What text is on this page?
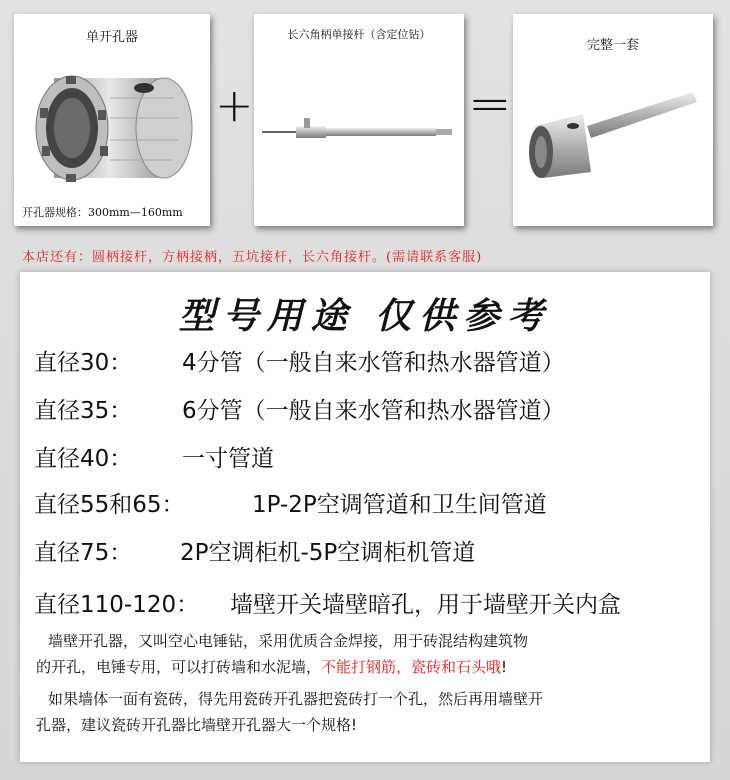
单开孔器
开孔器规格：300mm—160mm
+
长六角柄单接杆（含定位钻）
=
完整一套
本店还有：圆柄接杆，方柄接柄，五坑接杆，长六角接杆。(需请联系客服)
型号用途 仅供参考
直径30： 4分管（一般自来水管和热水器管道）
直径35： 6分管（一般自来水管和热水器管道）
直径40： 一寸管道
直径55和65：	1P-2P空调管道和卫生间管道
直径75： 2P空调柜机-5P空调柜机管道
直径110-120： 墙壁开关墙壁暗孔，用于墙壁开关内盒
墙壁开孔器，又叫空心电锤钻，采用优质合金焊接，用于砖混结构建筑物
的开孔，电锤专用，可以打砖墙和水泥墙，不能打钢筋，瓷砖和石头哦!
如果墙体一面有瓷砖，得先用瓷砖开孔器把瓷砖打一个孔，然后再用墙壁开
孔器，建议瓷砖开孔器比墙壁开孔器大一个规格!
